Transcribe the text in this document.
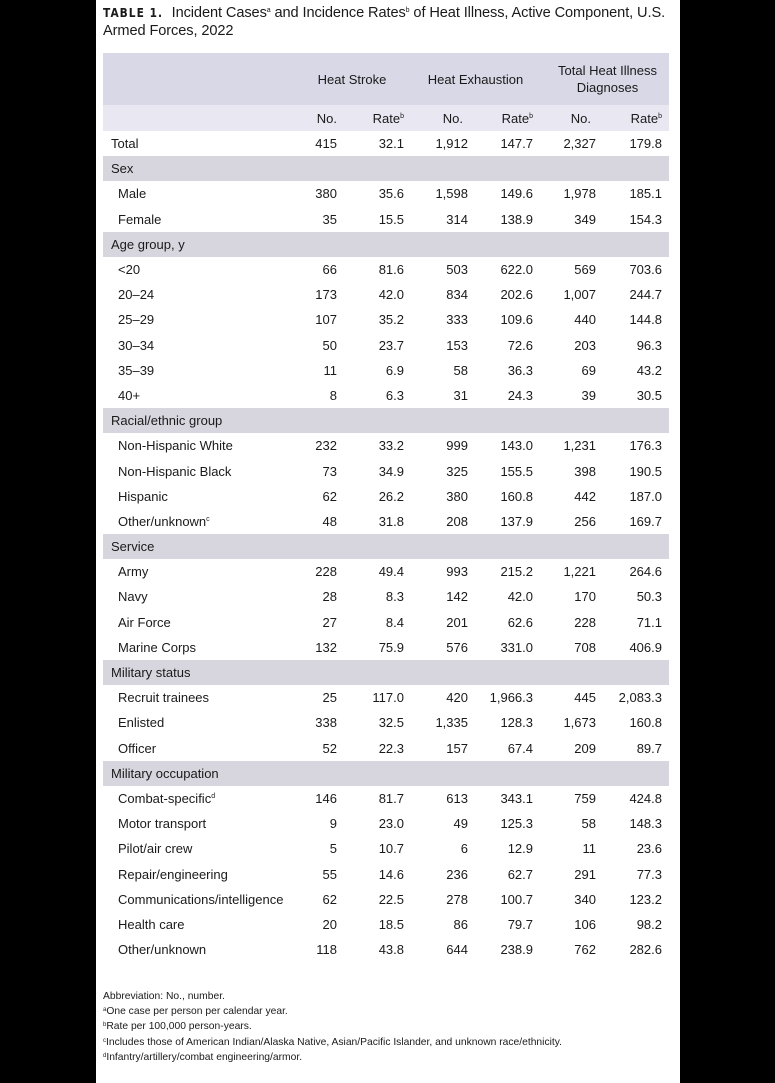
TABLE 1. Incident Cases$^a$ and Incidence Rates$^b$ of Heat Illness, Active Component, U.S. Armed Forces, 2022
	Heat Stroke		Heat Exhaustion		Total Heat Illness Diagnoses	
	No.	Rate$^b$	No.	Rate$^b$	No.	Rate$^b$
Total	415	32.1	1,912	147.7	2,327	179.8
Sex						
Male	380	35.6	1,598	149.6	1,978	185.1
Female	35	15.5	314	138.9	349	154.3
Age group, y						
<20	66	81.6	503	622.0	569	703.6
20–24	173	42.0	834	202.6	1,007	244.7
25–29	107	35.2	333	109.6	440	144.8
30–34	50	23.7	153	72.6	203	96.3
35–39	11	6.9	58	36.3	69	43.2
40+	8	6.3	31	24.3	39	30.5
Racial/ethnic group						
Non-Hispanic White	232	33.2	999	143.0	1,231	176.3
Non-Hispanic Black	73	34.9	325	155.5	398	190.5
Hispanic	62	26.2	380	160.8	442	187.0
Other/unknown$^c$	48	31.8	208	137.9	256	169.7
Service						
Army	228	49.4	993	215.2	1,221	264.6
Navy	28	8.3	142	42.0	170	50.3
Air Force	27	8.4	201	62.6	228	71.1
Marine Corps	132	75.9	576	331.0	708	406.9
Military status						
Recruit trainees	25	117.0	420	1,966.3	445	2,083.3
Enlisted	338	32.5	1,335	128.3	1,673	160.8
Officer	52	22.3	157	67.4	209	89.7
Military occupation						
Combat-specific$^d$	146	81.7	613	343.1	759	424.8
Motor transport	9	23.0	49	125.3	58	148.3
Pilot/air crew	5	10.7	6	12.9	11	23.6
Repair/engineering	55	14.6	236	62.7	291	77.3
Communications/intelligence	62	22.5	278	100.7	340	123.2
Health care	20	18.5	86	79.7	106	98.2
Other/unknown	118	43.8	644	238.9	762	282.6
Abbreviation: No., number.
$^a$One case per person per calendar year.
$^b$Rate per 100,000 person-years.
$^c$Includes those of American Indian/Alaska Native, Asian/Pacific Islander, and unknown race/ethnicity.
$^d$Infantry/artillery/combat engineering/armor.
